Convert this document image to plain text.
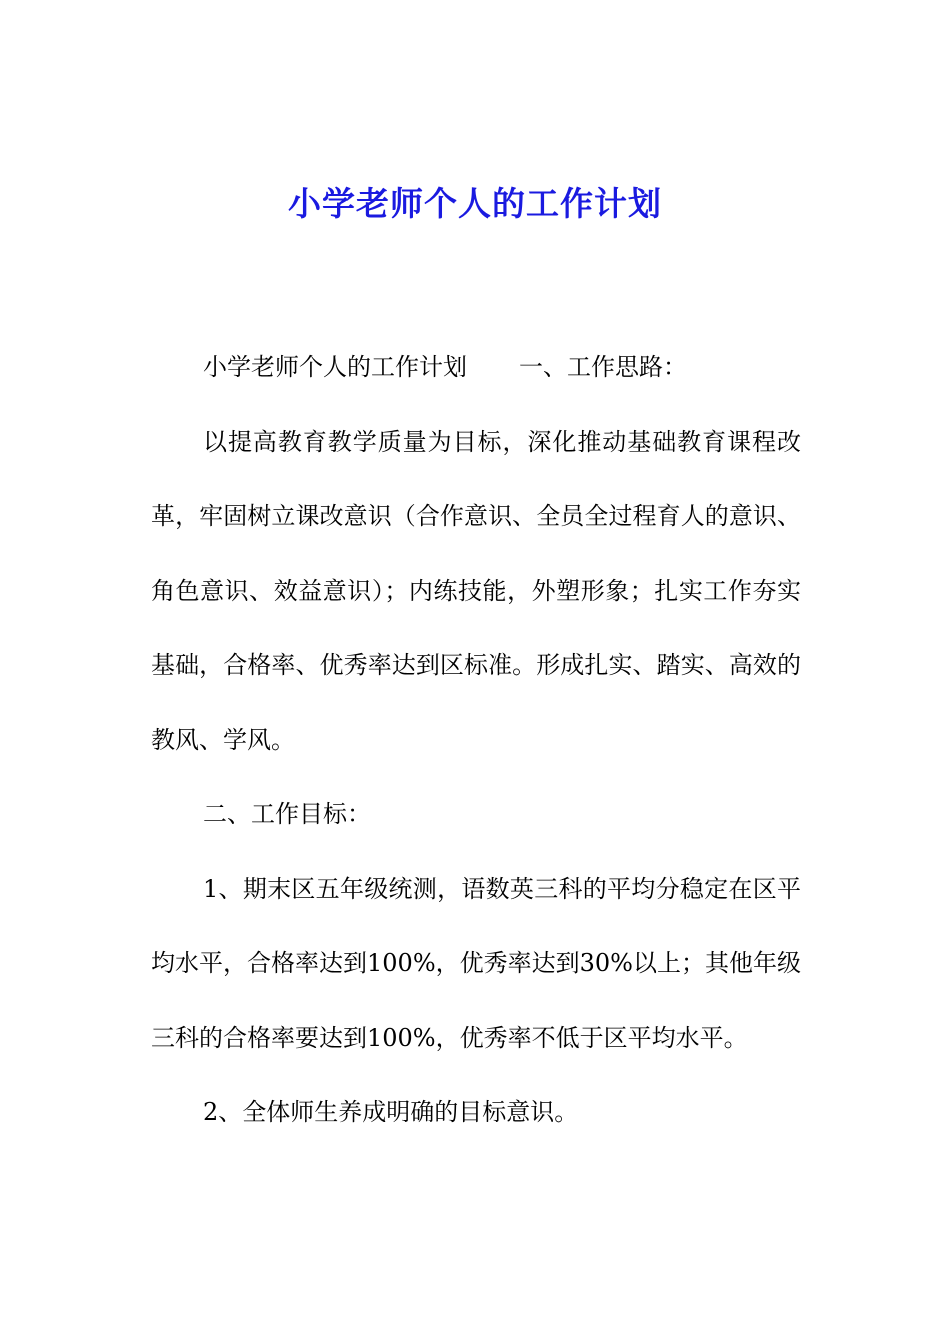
小学老师个人的工作计划

小学老师个人的工作计划 一、工作思路：

以提高教育教学质量为目标，深化推动基础教育课程改革，牢固树立课改意识（合作意识、全员全过程育人的意识、角色意识、效益意识）；内练技能，外塑形象；扎实工作夯实基础，合格率、优秀率达到区标准。形成扎实、踏实、高效的教风、学风。

二、工作目标：

1、期末区五年级统测，语数英三科的平均分稳定在区平均水平，合格率达到100%，优秀率达到30%以上；其他年级三科的合格率要达到100%，优秀率不低于区平均水平。

2、全体师生养成明确的目标意识。
